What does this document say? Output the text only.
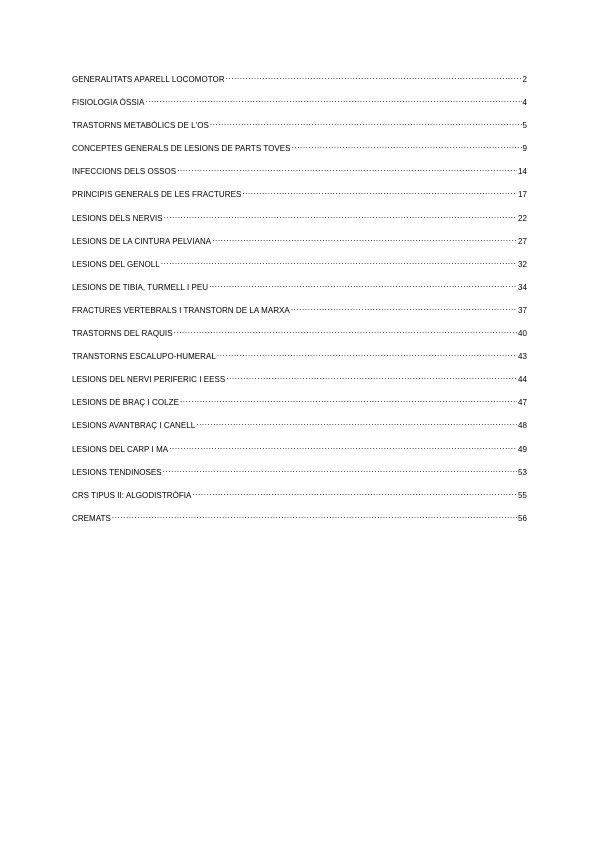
GENERALITATS APARELL LOCOMOTOR .....	2
FISIOLOGIA ÒSSIA .....	4
TRASTORNS METABÒLICS DE L'OS .....	5
CONCEPTES GENERALS DE LESIONS DE PARTS TOVES .....	9
INFECCIONS DELS OSSOS .....	14
PRINCIPIS GENERALS DE LES FRACTURES .....	17
LESIONS DELS NERVIS .....	22
LESIONS DE LA CINTURA PELVIANA .....	27
LESIONS DEL GENOLL .....	32
LESIONS DE TIBIA, TURMELL I PEU .....	34
FRACTURES VERTEBRALS I TRANSTORN DE LA MARXA .....	37
TRASTORNS DEL RAQUIS .....	40
TRANSTORNS ESCALUPO-HUMERAL .....	43
LESIONS DEL NERVI PERIFERIC I EESS .....	44
LESIONS DE BRAÇ I COLZE .....	47
LESIONS AVANTBRAÇ I CANELL .....	48
LESIONS DEL CARP I MA .....	49
LESIONS TENDINOSES .....	53
CRS TIPUS II: ALGODISTRÒFIA .....	55
CREMATS .....	56
